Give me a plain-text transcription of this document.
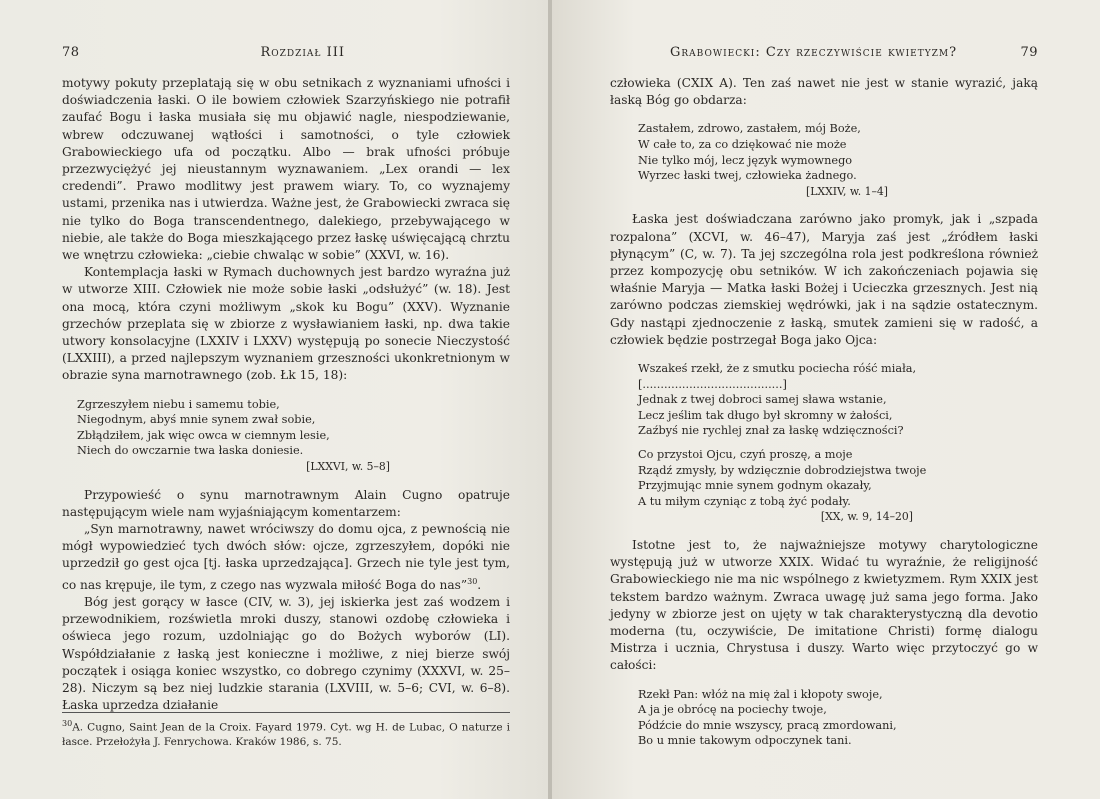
78	Rozdział III

motywy pokuty przeplatają się w obu setnikach z wyznaniami ufności i doświadczenia łaski. O ile bowiem człowiek Szarzyńskiego nie potrafił zaufać Bogu i łaska musiała się mu objawić nagle, niespodziewanie, wbrew odczuwanej wątłości i samotności, o tyle człowiek Grabowieckiego ufa od początku. Albo — brak ufności próbuje przezwyciężyć jej nieustannym wyznawaniem. „Lex orandi — lex credendi”. Prawo modlitwy jest prawem wiary. To, co wyznajemy ustami, przenika nas i utwierdza. Ważne jest, że Grabowiecki zwraca się nie tylko do Boga transcendentnego, dalekiego, przebywającego w niebie, ale także do Boga mieszkającego przez łaskę uświęcającą chrztu we wnętrzu człowieka: „ciebie chwaląc w sobie” (XXVI, w. 16).

Kontemplacja łaski w Rymach duchownych jest bardzo wyraźna już w utworze XIII. Człowiek nie może sobie łaski „odsłużyć” (w. 18). Jest ona mocą, która czyni możliwym „skok ku Bogu” (XXV). Wyznanie grzechów przeplata się w zbiorze z wysławianiem łaski, np. dwa takie utwory konsolacyjne (LXXIV i LXXV) występują po sonecie Nieczystość (LXXIII), a przed najlepszym wyznaniem grzeszności ukonkretnionym w obrazie syna marnotrawnego (zob. Łk 15, 18):

Zgrzeszyłem niebu i samemu tobie,
Niegodnym, abyś mnie synem zwał sobie,
Zbłądziłem, jak więc owca w ciemnym lesie,
Niech do owczarnie twa łaska doniesie.
[LXXVI, w. 5–8]

Przypowieść o synu marnotrawnym Alain Cugno opatruje następującym wiele nam wyjaśniającym komentarzem:

„Syn marnotrawny, nawet wróciwszy do domu ojca, z pewnością nie mógł wypowiedzieć tych dwóch słów: ojcze, zgrzeszyłem, dopóki nie uprzedził go gest ojca [tj. łaska uprzedzająca]. Grzech nie tyle jest tym, co nas krępuje, ile tym, z czego nas wyzwala miłość Boga do nas”$^{30}$.

Bóg jest gorący w łasce (CIV, w. 3), jej iskierka jest zaś wodzem i przewodnikiem, rozświetla mroki duszy, stanowi ozdobę człowieka i oświeca jego rozum, uzdolniając go do Bożych wyborów (LI). Współdziałanie z łaską jest konieczne i możliwe, z niej bierze swój początek i osiąga koniec wszystko, co dobrego czynimy (XXXVI, w. 25–28). Niczym są bez niej ludzkie starania (LXVIII, w. 5–6; CVI, w. 6–8). Łaska uprzedza działanie

$^{30}$A. Cugno, Saint Jean de la Croix. Fayard 1979. Cyt. wg H. de Lubac, O naturze i łasce. Przełożyła J. Fenrychowa. Kraków 1986, s. 75.
Grabowiecki: Czy rzeczywiście kwietyzm?	79

człowieka (CXIX A). Ten zaś nawet nie jest w stanie wyrazić, jaką łaską Bóg go obdarza:

Zastałem, zdrowo, zastałem, mój Boże,
W całe to, za co dziękować nie może
Nie tylko mój, lecz język wymownego
Wyrzec łaski twej, człowieka żadnego.
[LXXIV, w. 1–4]

Łaska jest doświadczana zarówno jako promyk, jak i „szpada rozpalona” (XCVI, w. 46–47), Maryja zaś jest „źródłem łaski płynącym” (C, w. 7). Ta jej szczególna rola jest podkreślona również przez kompozycję obu setników. W ich zakończeniach pojawia się właśnie Maryja — Matka łaski Bożej i Ucieczka grzesznych. Jest nią zarówno podczas ziemskiej wędrówki, jak i na sądzie ostatecznym. Gdy nastąpi zjednoczenie z łaską, smutek zamieni się w radość, a człowiek będzie postrzegał Boga jako Ojca:

Wszakeś rzekł, że z smutku pociecha róść miała,
[.......................................]
Jednak z twej dobroci samej sława wstanie,
Lecz jeślim tak długo był skromny w żałości,
Zaźbyś nie rychlej znał za łaskę wdzięczności?
Co przystoi Ojcu, czyń proszę, a moje
Rządź zmysły, by wdzięcznie dobrodziejstwa twoje
Przyjmując mnie synem godnym okazały,
A tu miłym czyniąc z tobą żyć podały.
[XX, w. 9, 14–20]

Istotne jest to, że najważniejsze motywy charytologiczne występują już w utworze XXIX. Widać tu wyraźnie, że religijność Grabowieckiego nie ma nic wspólnego z kwietyzmem. Rym XXIX jest tekstem bardzo ważnym. Zwraca uwagę już sama jego forma. Jako jedyny w zbiorze jest on ujęty w tak charakterystyczną dla devotio moderna (tu, oczywiście, De imitatione Christi) formę dialogu Mistrza i ucznia, Chrystusa i duszy. Warto więc przytoczyć go w całości:

Rzekł Pan: włóż na mię żal i kłopoty swoje,
A ja je obrócę na pociechy twoje,
Pódźcie do mnie wszyscy, pracą zmordowani,
Bo u mnie takowym odpoczynek tani.
